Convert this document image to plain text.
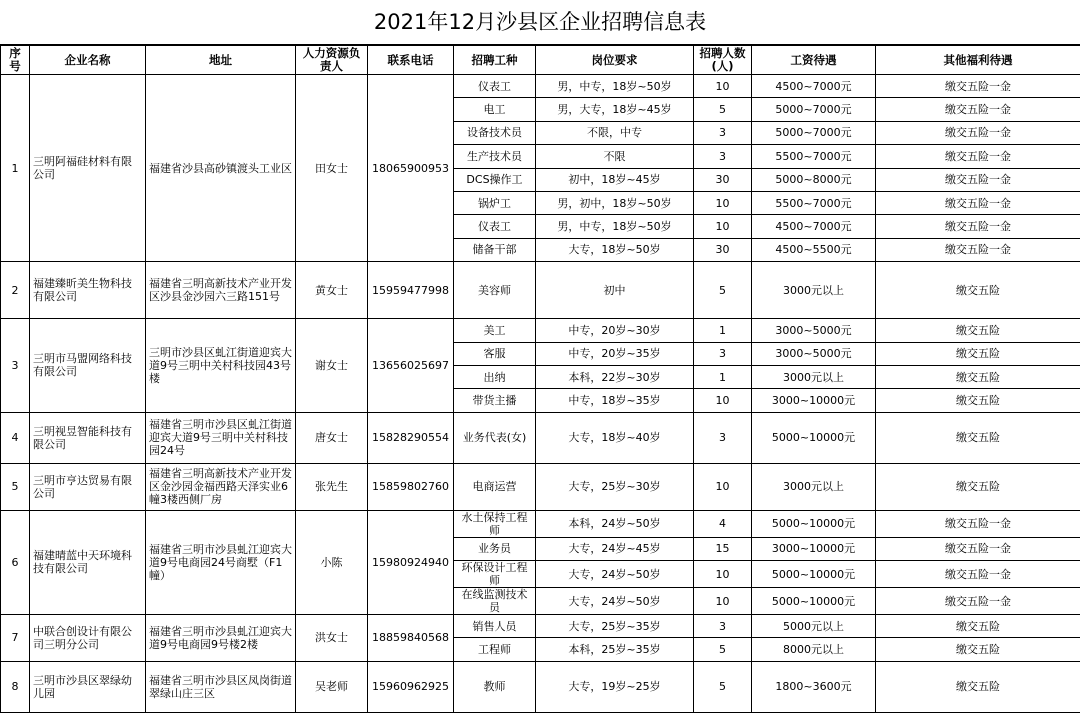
2021年12月沙县区企业招聘信息表
序号	企业名称	地址	人力资源负责人	联系电话	招聘工种	岗位要求	招聘人数(人)	工资待遇	其他福利待遇
1	三明阿福硅材料有限公司	福建省沙县高砂镇渡头工业区	田女士	18065900953	仪表工	男，中专，18岁~50岁	10	4500~7000元	缴交五险一金
					电工	男，大专，18岁~45岁	5	5000~7000元	缴交五险一金
					设备技术员	不限，中专	3	5000~7000元	缴交五险一金
					生产技术员	不限	3	5500~7000元	缴交五险一金
					DCS操作工	初中，18岁~45岁	30	5000~8000元	缴交五险一金
					锅炉工	男，初中，18岁~50岁	10	5500~7000元	缴交五险一金
					仪表工	男，中专，18岁~50岁	10	4500~7000元	缴交五险一金
					储备干部	大专，18岁~50岁	30	4500~5500元	缴交五险一金
2	福建臻昕美生物科技有限公司	福建省三明高新技术产业开发区沙县金沙园六三路151号	黄女士	15959477998	美容师	初中	5	3000元以上	缴交五险
3	三明市马盟网络科技有限公司	三明市沙县区虬江街道迎宾大道9号三明中关村科技园43号楼	谢女士	13656025697	美工	中专，20岁~30岁	1	3000~5000元	缴交五险
					客服	中专，20岁~35岁	3	3000~5000元	缴交五险
					出纳	本科，22岁~30岁	1	3000元以上	缴交五险
					带货主播	中专，18岁~35岁	10	3000~10000元	缴交五险
4	三明视昱智能科技有限公司	福建省三明市沙县区虬江街道迎宾大道9号三明中关村科技园24号	唐女士	15828290554	业务代表(女)	大专，18岁~40岁	3	5000~10000元	缴交五险
5	三明市亨达贸易有限公司	福建省三明高新技术产业开发区金沙园金福西路天泽实业6幢3楼西侧厂房	张先生	15859802760	电商运营	大专，25岁~30岁	10	3000元以上	缴交五险
6	福建晴蓝中天环境科技有限公司	福建省三明市沙县虬江迎宾大道9号电商园24号商墅（F1幢）	小陈	15980924940	水土保持工程师	本科，24岁~50岁	4	5000~10000元	缴交五险一金
					业务员	大专，24岁~45岁	15	3000~10000元	缴交五险一金
					环保设计工程师	大专，24岁~50岁	10	5000~10000元	缴交五险一金
					在线监测技术员	大专，24岁~50岁	10	5000~10000元	缴交五险一金
7	中联合创设计有限公司三明分公司	福建省三明市沙县虬江迎宾大道9号电商园9号楼2楼	洪女士	18859840568	销售人员	大专，25岁~35岁	3	5000元以上	缴交五险
					工程师	本科，25岁~35岁	5	8000元以上	缴交五险
8	三明市沙县区翠绿幼儿园	福建省三明市沙县区凤岗街道翠绿山庄三区	吴老师	15960962925	教师	大专，19岁~25岁	5	1800~3600元	缴交五险
